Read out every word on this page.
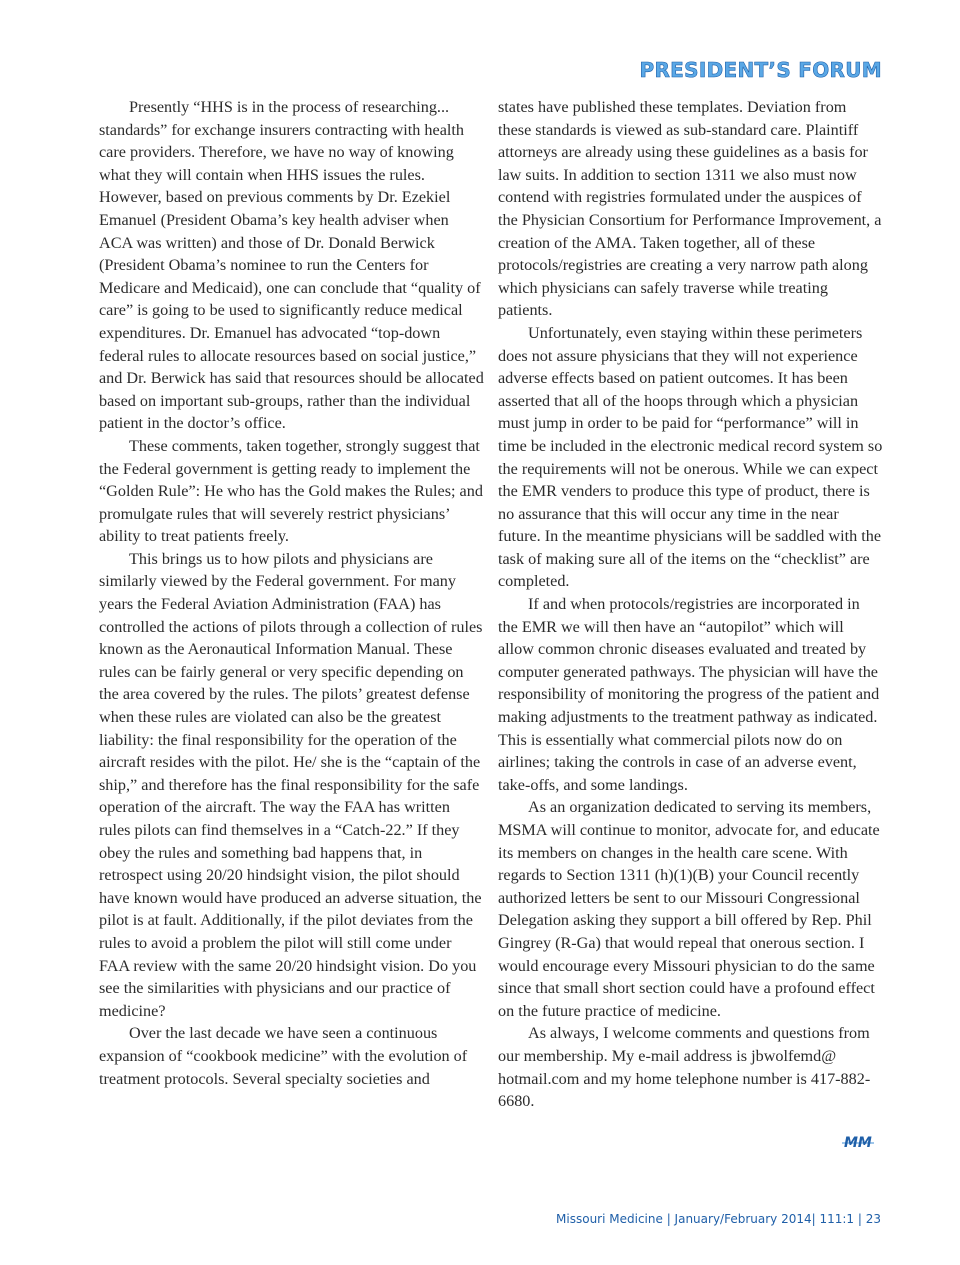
PRESIDENT’S FORUM

Presently “HHS is in the process of researching... standards” for exchange insurers contracting with health care providers. Therefore, we have no way of knowing what they will contain when HHS issues the rules. However, based on previous comments by Dr. Ezekiel Emanuel (President Obama’s key health adviser when ACA was written) and those of Dr. Donald Berwick (President Obama’s nominee to run the Centers for Medicare and Medicaid), one can conclude that “quality of care” is going to be used to significantly reduce medical expenditures. Dr. Emanuel has advocated “top-down federal rules to allocate resources based on social justice,” and Dr. Berwick has said that resources should be allocated based on important sub-groups, rather than the individual patient in the doctor’s office.

These comments, taken together, strongly suggest that the Federal government is getting ready to implement the “Golden Rule”: He who has the Gold makes the Rules; and promulgate rules that will severely restrict physicians’ ability to treat patients freely.

This brings us to how pilots and physicians are similarly viewed by the Federal government. For many years the Federal Aviation Administration (FAA) has controlled the actions of pilots through a collection of rules known as the Aeronautical Information Manual. These rules can be fairly general or very specific depending on the area covered by the rules. The pilots’ greatest defense when these rules are violated can also be the greatest liability: the final responsibility for the operation of the aircraft resides with the pilot. He/ she is the “captain of the ship,” and therefore has the final responsibility for the safe operation of the aircraft. The way the FAA has written rules pilots can find themselves in a “Catch-22.” If they obey the rules and something bad happens that, in retrospect using 20/20 hindsight vision, the pilot should have known would have produced an adverse situation, the pilot is at fault. Additionally, if the pilot deviates from the rules to avoid a problem the pilot will still come under FAA review with the same 20/20 hindsight vision. Do you see the similarities with physicians and our practice of medicine?

Over the last decade we have seen a continuous expansion of “cookbook medicine” with the evolution of treatment protocols. Several specialty societies and

states have published these templates. Deviation from these standards is viewed as sub-standard care. Plaintiff attorneys are already using these guidelines as a basis for law suits. In addition to section 1311 we also must now contend with registries formulated under the auspices of the Physician Consortium for Performance Improvement, a creation of the AMA. Taken together, all of these protocols/registries are creating a very narrow path along which physicians can safely traverse while treating patients.

Unfortunately, even staying within these perimeters does not assure physicians that they will not experience adverse effects based on patient outcomes. It has been asserted that all of the hoops through which a physician must jump in order to be paid for “performance” will in time be included in the electronic medical record system so the requirements will not be onerous. While we can expect the EMR venders to produce this type of product, there is no assurance that this will occur any time in the near future. In the meantime physicians will be saddled with the task of making sure all of the items on the “checklist” are completed.

If and when protocols/registries are incorporated in the EMR we will then have an “autopilot” which will allow common chronic diseases evaluated and treated by computer generated pathways. The physician will have the responsibility of monitoring the progress of the patient and making adjustments to the treatment pathway as indicated. This is essentially what commercial pilots now do on airlines; taking the controls in case of an adverse event, take-offs, and some landings.

As an organization dedicated to serving its members, MSMA will continue to monitor, advocate for, and educate its members on changes in the health care scene. With regards to Section 1311 (h)(1)(B) your Council recently authorized letters be sent to our Missouri Congressional Delegation asking they support a bill offered by Rep. Phil Gingrey (R-Ga) that would repeal that onerous section. I would encourage every Missouri physician to do the same since that small short section could have a profound effect on the future practice of medicine.

As always, I welcome comments and questions from our membership. My e-mail address is jbwolfemd@ hotmail.com and my home telephone number is 417-882-6680.

MM
Missouri Medicine | January/February 2014| 111:1 | 23
